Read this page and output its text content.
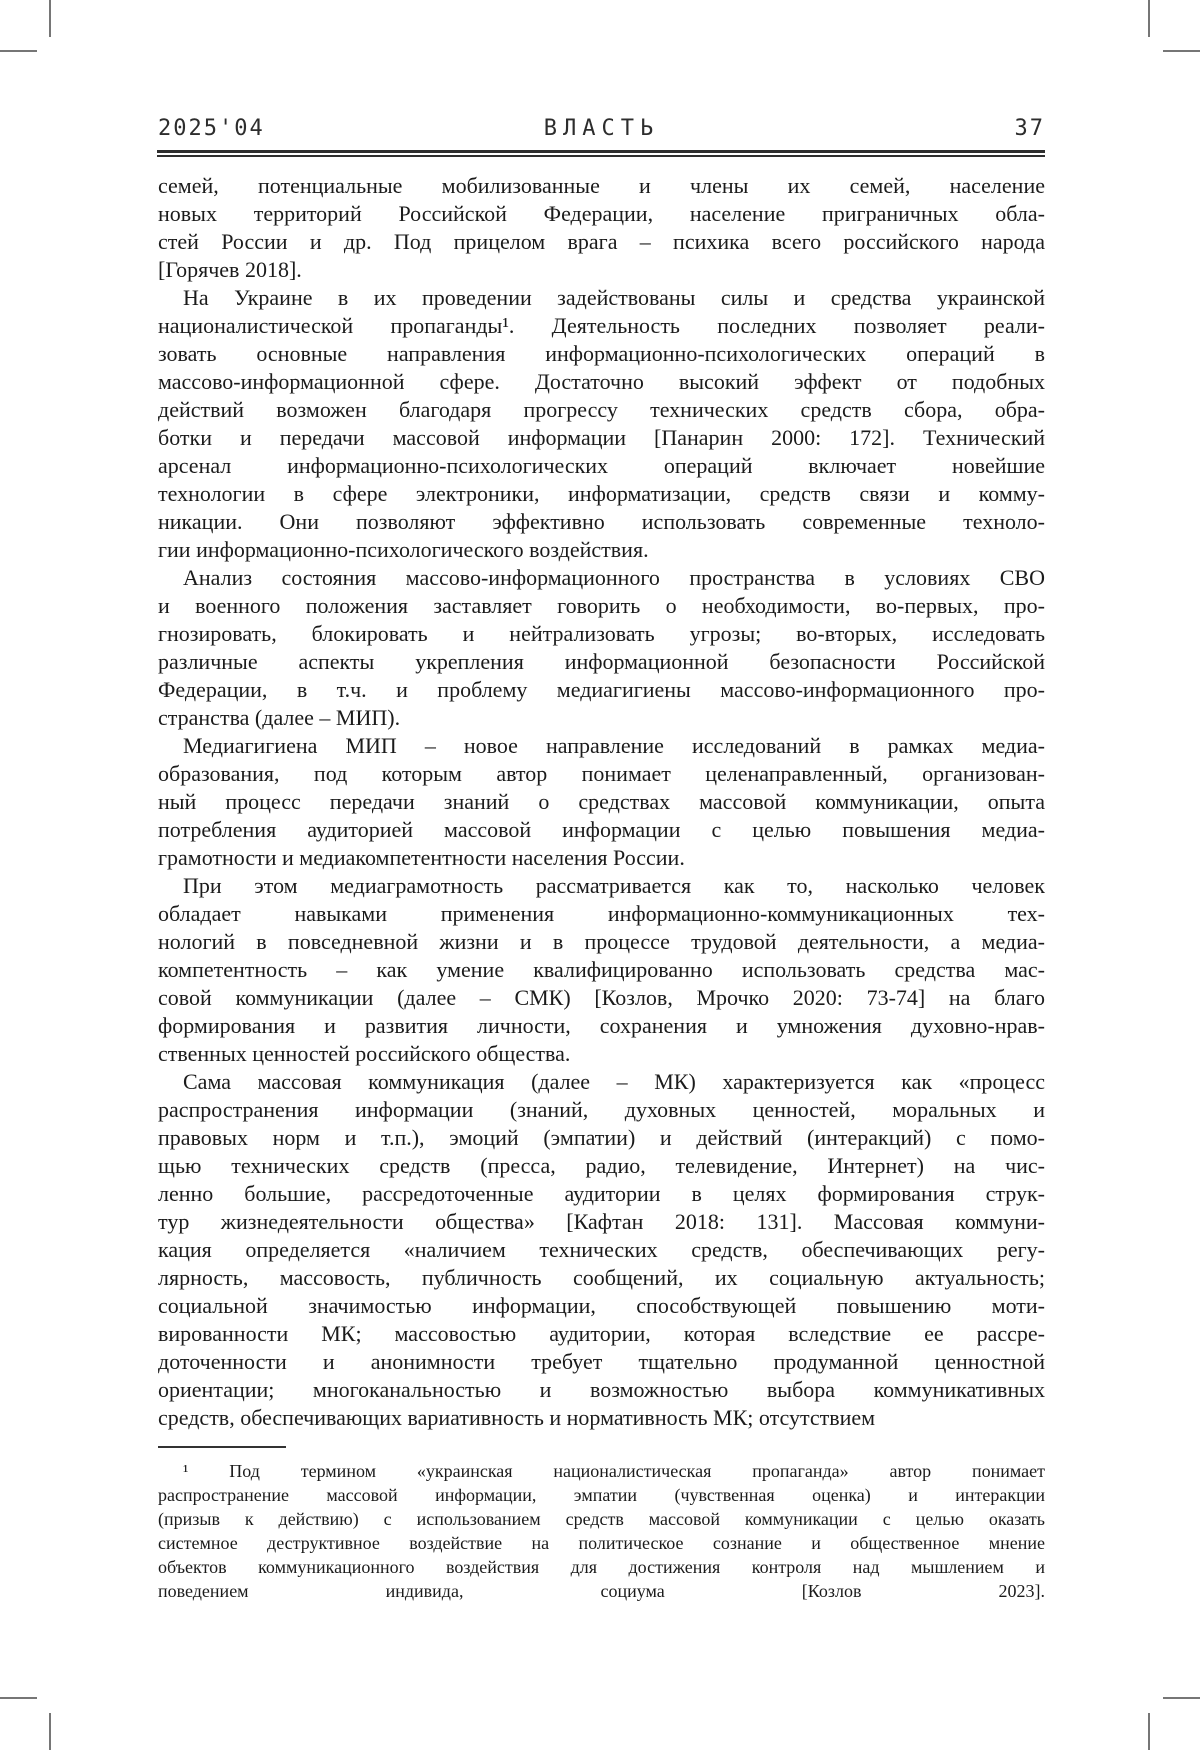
2025'04	ВЛАСТЬ	37
семей, потенциальные мобилизованные и члены их семей, население
новых территорий Российской Федерации, население приграничных обла-
стей России и др. Под прицелом врага – психика всего российского народа
[Горячев 2018].
На Украине в их проведении задействованы силы и средства украинской
националистической пропаганды¹. Деятельность последних позволяет реали-
зовать основные направления информационно-психологических операций в
массово-информационной сфере. Достаточно высокий эффект от подобных
действий возможен благодаря прогрессу технических средств сбора, обра-
ботки и передачи массовой информации [Панарин 2000: 172]. Технический
арсенал информационно-психологических операций включает новейшие
технологии в сфере электроники, информатизации, средств связи и комму-
никации. Они позволяют эффективно использовать современные техноло-
гии информационно-психологического воздействия.
Анализ состояния массово-информационного пространства в условиях СВО
и военного положения заставляет говорить о необходимости, во-первых, про-
гнозировать, блокировать и нейтрализовать угрозы; во-вторых, исследовать
различные аспекты укрепления информационной безопасности Российской
Федерации, в т.ч. и проблему медиагигиены массово-информационного про-
странства (далее – МИП).
Медиагигиена МИП – новое направление исследований в рамках медиа-
образования, под которым автор понимает целенаправленный, организован-
ный процесс передачи знаний о средствах массовой коммуникации, опыта
потребления аудиторией массовой информации с целью повышения медиа-
грамотности и медиакомпетентности населения России.
При этом медиаграмотность рассматривается как то, насколько человек
обладает навыками применения информационно-коммуникационных тех-
нологий в повседневной жизни и в процессе трудовой деятельности, а медиа-
компетентность – как умение квалифицированно использовать средства мас-
совой коммуникации (далее – СМК) [Козлов, Мрочко 2020: 73-74] на благо
формирования и развития личности, сохранения и умножения духовно-нрав-
ственных ценностей российского общества.
Сама массовая коммуникация (далее – МК) характеризуется как «процесс
распространения информации (знаний, духовных ценностей, моральных и
правовых норм и т.п.), эмоций (эмпатии) и действий (интеракций) с помо-
щью технических средств (пресса, радио, телевидение, Интернет) на чис-
ленно большие, рассредоточенные аудитории в целях формирования струк-
тур жизнедеятельности общества» [Кафтан 2018: 131]. Массовая коммуни-
кация определяется «наличием технических средств, обеспечивающих регу-
лярность, массовость, публичность сообщений, их социальную актуальность;
социальной значимостью информации, способствующей повышению моти-
вированности МК; массовостью аудитории, которая вследствие ее рассре-
доточенности и анонимности требует тщательно продуманной ценностной
ориентации; многоканальностью и возможностью выбора коммуникативных
средств, обеспечивающих вариативность и нормативность МК; отсутствием
¹ Под термином «украинская националистическая пропаганда» автор понимает
распространение массовой информации, эмпатии (чувственная оценка) и интеракции
(призыв к действию) с использованием средств массовой коммуникации с целью оказать
системное деструктивное воздействие на политическое сознание и общественное мнение
объектов коммуникационного воздействия для достижения контроля над мышлением и
поведением индивида, социума [Козлов 2023].
